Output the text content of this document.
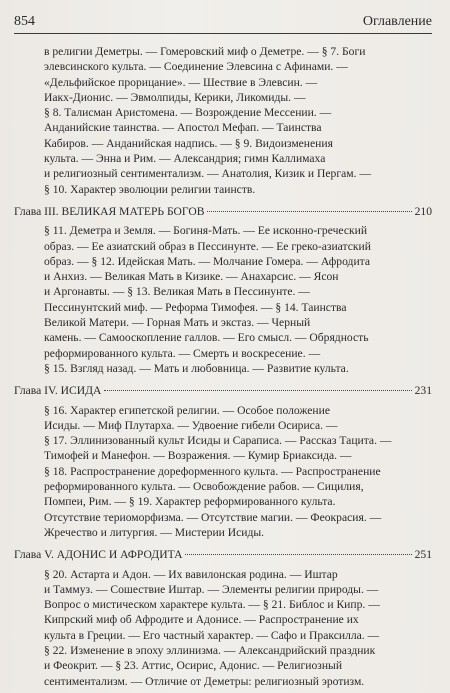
854	Оглавление
в религии Деметры. — Гомеровский миф о Деметре. — § 7. Боги
элевсинского культа. — Соединение Элевсина с Афинами. —
«Дельфийское прорицание». — Шествие в Элевсин. —
Иакх-Дионис. — Эвмолпиды, Керики, Ликомиды. —
§ 8. Талисман Аристомена. — Возрождение Мессении. —
Анданийские таинства. — Апостол Мефап. — Таинства
Кабиров. — Анданийская надпись. — § 9. Видоизменения
культа. — Энна и Рим. — Александрия; гимн Каллимаха
и религиозный сентиментализм. — Анатолия, Кизик и Пергам. —
§ 10. Характер эволюции религии таинств.
Глава III. ВЕЛИКАЯ МАТЕРЬ БОГОВ	210
§ 11. Деметра и Земля. — Богиня-Мать. — Ее исконно-греческий
образ. — Ее азиатский образ в Пессинунте. — Ее греко-азиатский
образ. — § 12. Идейская Мать. — Молчание Гомера. — Афродита
и Анхиз. — Великая Мать в Кизике. — Анахарсис. — Ясон
и Аргонавты. — § 13. Великая Мать в Пессинунте. —
Пессинунтский миф. — Реформа Тимофея. — § 14. Таинства
Великой Матери. — Горная Мать и экстаз. — Черный
камень. — Самооскопление галлов. — Его смысл. — Обрядность
реформированного культа. — Смерть и воскресение. —
§ 15. Взгляд назад. — Мать и любовница. — Развитие культа.
Глава IV. ИСИДА	231
§ 16. Характер египетской религии. — Особое положение
Исиды. — Миф Плутарха. — Удвоение гибели Осириса. —
§ 17. Эллинизованный культ Исиды и Сараписа. — Рассказ Тацита. —
Тимофей и Манефон. — Возражения. — Кумир Бриаксида. —
§ 18. Распространение дореформенного культа. — Распространение
реформированного культа. — Освобождение рабов. — Сицилия,
Помпеи, Рим. — § 19. Характер реформированного культа.
Отсутствие териоморфизма. — Отсутствие магии. — Феокрасия. —
Жречество и литургия. — Мистерии Исиды.
Глава V. АДОНИС И АФРОДИТА	251
§ 20. Астарта и Адон. — Их вавилонская родина. — Иштар
и Таммуз. — Сошествие Иштар. — Элементы религии природы. —
Вопрос о мистическом характере культа. — § 21. Библос и Кипр. —
Кипрский миф об Афродите и Адонисе. — Распространение их
культа в Греции. — Его частный характер. — Сафо и Праксилла. —
§ 22. Изменение в эпоху эллинизма. — Александрийский праздник
и Феокрит. — § 23. Аттис, Осирис, Адонис. — Религиозный
сентиментализм. — Отличие от Деметры: религиозный эротизм.
